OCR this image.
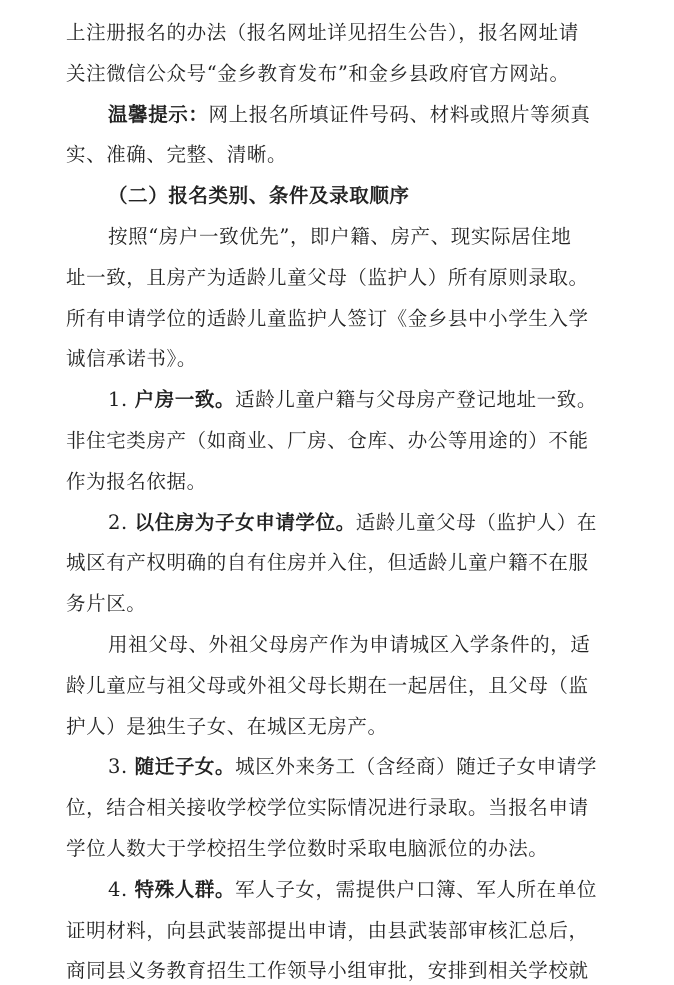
上注册报名的办法（报名网址详见招生公告），报名网址请
关注微信公众号“金乡教育发布”和金乡县政府官方网站。
温馨提示：网上报名所填证件号码、材料或照片等须真
实、准确、完整、清晰。
（二）报名类别、条件及录取顺序
按照“房户一致优先”，即户籍、房产、现实际居住地
址一致，且房产为适龄儿童父母（监护人）所有原则录取。
所有申请学位的适龄儿童监护人签订《金乡县中小学生入学
诚信承诺书》。
1. 户房一致。适龄儿童户籍与父母房产登记地址一致。
非住宅类房产（如商业、厂房、仓库、办公等用途的）不能
作为报名依据。
2. 以住房为子女申请学位。适龄儿童父母（监护人）在
城区有产权明确的自有住房并入住，但适龄儿童户籍不在服
务片区。
用祖父母、外祖父母房产作为申请城区入学条件的，适
龄儿童应与祖父母或外祖父母长期在一起居住，且父母（监
护人）是独生子女、在城区无房产。
3. 随迁子女。城区外来务工（含经商）随迁子女申请学
位，结合相关接收学校学位实际情况进行录取。当报名申请
学位人数大于学校招生学位数时采取电脑派位的办法。
4. 特殊人群。军人子女，需提供户口簿、军人所在单位
证明材料，向县武装部提出申请，由县武装部审核汇总后，
商同县义务教育招生工作领导小组审批，安排到相关学校就
